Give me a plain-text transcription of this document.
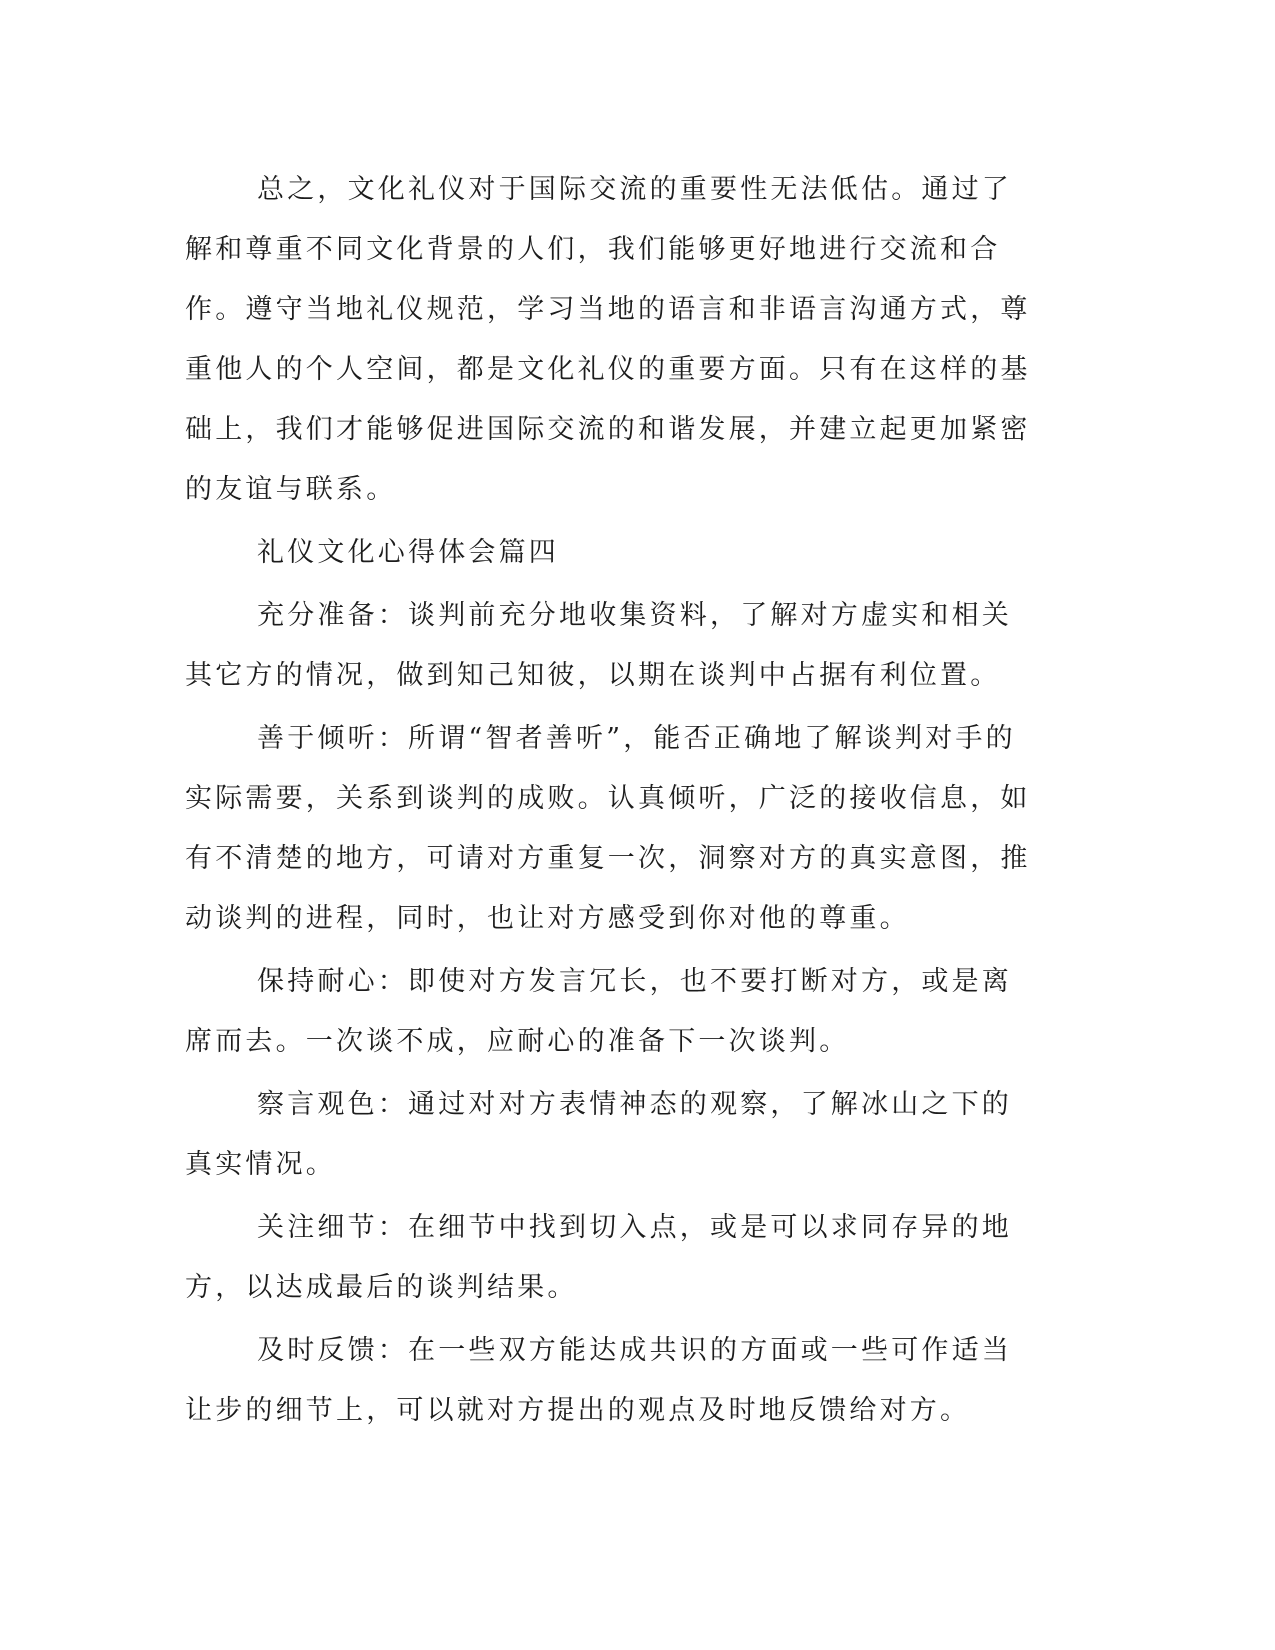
总之，文化礼仪对于国际交流的重要性无法低估。通过了解和尊重不同文化背景的人们，我们能够更好地进行交流和合作。遵守当地礼仪规范，学习当地的语言和非语言沟通方式，尊重他人的个人空间，都是文化礼仪的重要方面。只有在这样的基础上，我们才能够促进国际交流的和谐发展，并建立起更加紧密的友谊与联系。

礼仪文化心得体会篇四

充分准备：谈判前充分地收集资料，了解对方虚实和相关其它方的情况，做到知己知彼，以期在谈判中占据有利位置。

善于倾听：所谓“智者善听”，能否正确地了解谈判对手的实际需要，关系到谈判的成败。认真倾听，广泛的接收信息，如有不清楚的地方，可请对方重复一次，洞察对方的真实意图，推动谈判的进程，同时，也让对方感受到你对他的尊重。

保持耐心：即使对方发言冗长，也不要打断对方，或是离席而去。一次谈不成，应耐心的准备下一次谈判。

察言观色：通过对对方表情神态的观察，了解冰山之下的真实情况。

关注细节：在细节中找到切入点，或是可以求同存异的地方，以达成最后的谈判结果。

及时反馈：在一些双方能达成共识的方面或一些可作适当让步的细节上，可以就对方提出的观点及时地反馈给对方。
